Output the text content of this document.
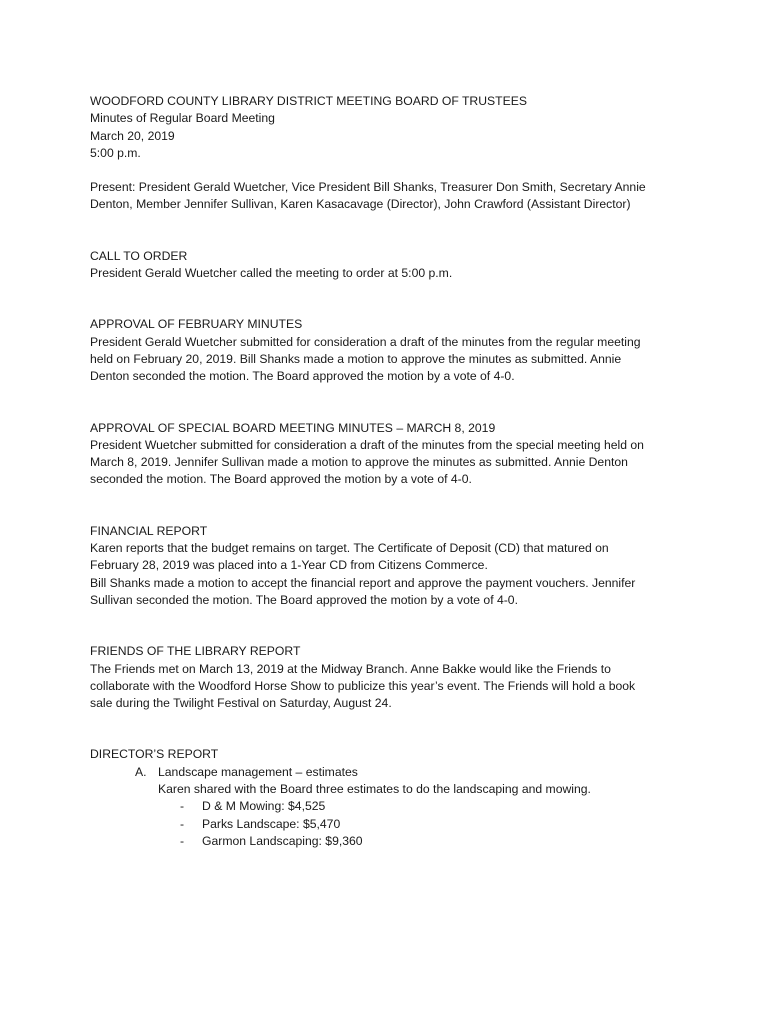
WOODFORD COUNTY LIBRARY DISTRICT MEETING BOARD OF TRUSTEES

Minutes of Regular Board Meeting

March 20, 2019

5:00 p.m.

Present: President Gerald Wuetcher, Vice President Bill Shanks, Treasurer Don Smith, Secretary Annie

Denton, Member Jennifer Sullivan, Karen Kasacavage (Director), John Crawford (Assistant Director)

CALL TO ORDER

President Gerald Wuetcher called the meeting to order at 5:00 p.m.

APPROVAL OF FEBRUARY MINUTES

President Gerald Wuetcher submitted for consideration a draft of the minutes from the regular meeting

held on February 20, 2019. Bill Shanks made a motion to approve the minutes as submitted. Annie

Denton seconded the motion. The Board approved the motion by a vote of 4-0.

APPROVAL OF SPECIAL BOARD MEETING MINUTES – MARCH 8, 2019

President Wuetcher submitted for consideration a draft of the minutes from the special meeting held on

March 8, 2019. Jennifer Sullivan made a motion to approve the minutes as submitted. Annie Denton

seconded the motion. The Board approved the motion by a vote of 4-0.

FINANCIAL REPORT

Karen reports that the budget remains on target. The Certificate of Deposit (CD) that matured on

February 28, 2019 was placed into a 1-Year CD from Citizens Commerce.

Bill Shanks made a motion to accept the financial report and approve the payment vouchers. Jennifer

Sullivan seconded the motion. The Board approved the motion by a vote of 4-0.

FRIENDS OF THE LIBRARY REPORT

The Friends met on March 13, 2019 at the Midway Branch. Anne Bakke would like the Friends to

collaborate with the Woodford Horse Show to publicize this year’s event. The Friends will hold a book

sale during the Twilight Festival on Saturday, August 24.

DIRECTOR’S REPORT

A. Landscape management – estimates

Karen shared with the Board three estimates to do the landscaping and mowing.

- D & M Mowing: $4,525
- Parks Landscape: $5,470
- Garmon Landscaping: $9,360
